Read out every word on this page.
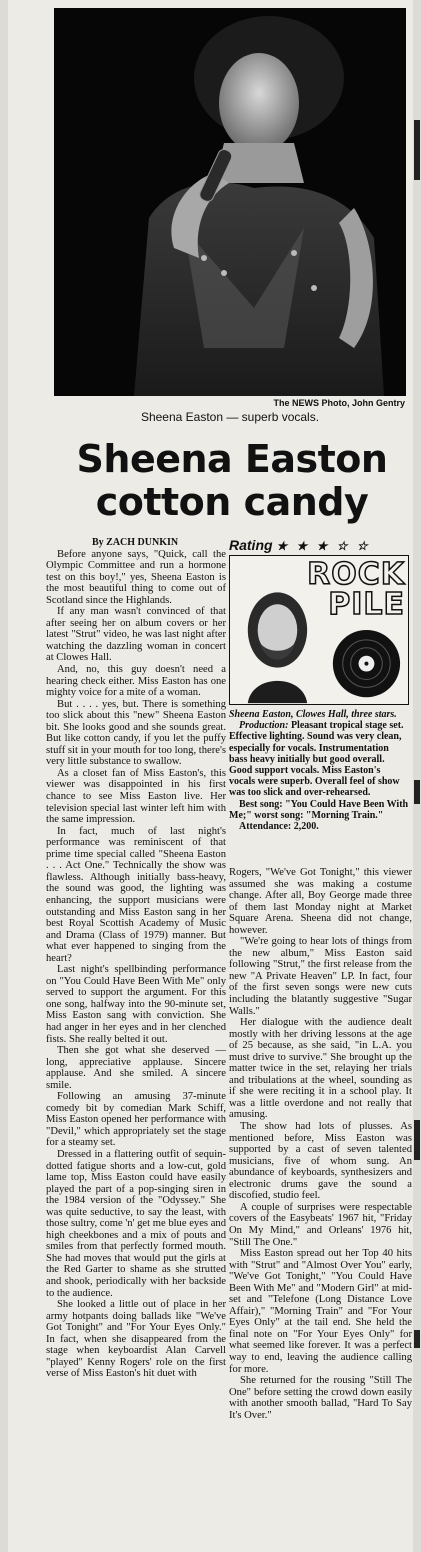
The NEWS Photo, John Gentry
Sheena Easton — superb vocals.
Sheena Easton cotton candy

By ZACH DUNKIN

Before anyone says, "Quick, call the Olympic Committee and run a hormone test on this boy!," yes, Sheena Easton is the most beautiful thing to come out of Scotland since the Highlands.

If any man wasn't convinced of that after seeing her on album covers or her latest "Strut" video, he was last night after watching the dazzling woman in concert at Clowes Hall.

And, no, this guy doesn't need a hearing check either. Miss Easton has one mighty voice for a mite of a woman.

But . . . . yes, but. There is something too slick about this "new" Sheena Easton bit. She looks good and she sounds great. But like cotton candy, if you let the puffy stuff sit in your mouth for too long, there's very little substance to swallow.

As a closet fan of Miss Easton's, this viewer was disappointed in his first chance to see Miss Easton live. Her television special last winter left him with the same impression.

In fact, much of last night's performance was reminiscent of that prime time special called "Sheena Easton . . . Act One." Technically the show was flawless. Although initially bass-heavy, the sound was good, the lighting was enhancing, the support musicians were outstanding and Miss Easton sang in her best Royal Scottish Academy of Music and Drama (Class of 1979) manner. But what ever happened to singing from the heart?

Last night's spellbinding performance on "You Could Have Been With Me" only served to support the argument. For this one song, halfway into the 90-minute set, Miss Easton sang with conviction. She had anger in her eyes and in her clenched fists. She really belted it out.

Then she got what she deserved — long, appreciative applause. Sincere applause. And she smiled. A sincere smile.

Following an amusing 37-minute comedy bit by comedian Mark Schiff, Miss Easton opened her performance with "Devil," which appropriately set the stage for a steamy set.

Dressed in a flattering outfit of sequin-dotted fatigue shorts and a low-cut, gold lame top, Miss Easton could have easily played the part of a pop-singing siren in the 1984 version of the "Odyssey." She was quite seductive, to say the least, with those sultry, come 'n' get me blue eyes and high cheekbones and a mix of pouts and smiles from that perfectly formed mouth. She had moves that would put the girls at the Red Garter to shame as she strutted and shook, periodically with her backside to the audience.

She looked a little out of place in her army hotpants doing ballads like "We've Got Tonight" and "For Your Eyes Only." In fact, when she disappeared from the stage when keyboardist Alan Carvell "played" Kenny Rogers' role on the first verse of Miss Easton's hit duet with

Rating ★ ★ ★ ☆ ☆

Sheena Easton, Clowes Hall, three stars.

Production: Pleasant tropical stage set. Effective lighting. Sound was very clean, especially for vocals. Instrumentation bass heavy initially but good overall. Good support vocals. Miss Easton's vocals were superb. Overall feel of show was too slick and over-rehearsed.

Best song: "You Could Have Been With Me;" worst song: "Morning Train."

Attendance: 2,200.

Rogers, "We've Got Tonight," this viewer assumed she was making a costume change. After all, Boy George made three of them last Monday night at Market Square Arena. Sheena did not change, however.

"We're going to hear lots of things from the new album," Miss Easton said following "Strut," the first release from the new "A Private Heaven" LP. In fact, four of the first seven songs were new cuts including the blatantly suggestive "Sugar Walls."

Her dialogue with the audience dealt mostly with her driving lessons at the age of 25 because, as she said, "in L.A. you must drive to survive." She brought up the matter twice in the set, relaying her trials and tribulations at the wheel, sounding as if she were reciting it in a school play. It was a little overdone and not really that amusing.

The show had lots of plusses. As mentioned before, Miss Easton was supported by a cast of seven talented musicians, five of whom sung. An abundance of keyboards, synthesizers and electronic drums gave the sound a discofied, studio feel.

A couple of surprises were respectable covers of the Easybeats' 1967 hit, "Friday On My Mind," and Orleans' 1976 hit, "Still The One."

Miss Easton spread out her Top 40 hits with "Strut" and "Almost Over You" early, "We've Got Tonight," "You Could Have Been With Me" and "Modern Girl" at mid-set and "Telefone (Long Distance Love Affair)," "Morning Train" and "For Your Eyes Only" at the tail end. She held the final note on "For Your Eyes Only" for what seemed like forever. It was a perfect way to end, leaving the audience calling for more.

She returned for the rousing "Still The One" before setting the crowd down easily with another smooth ballad, "Hard To Say It's Over."

ROCK PILE
